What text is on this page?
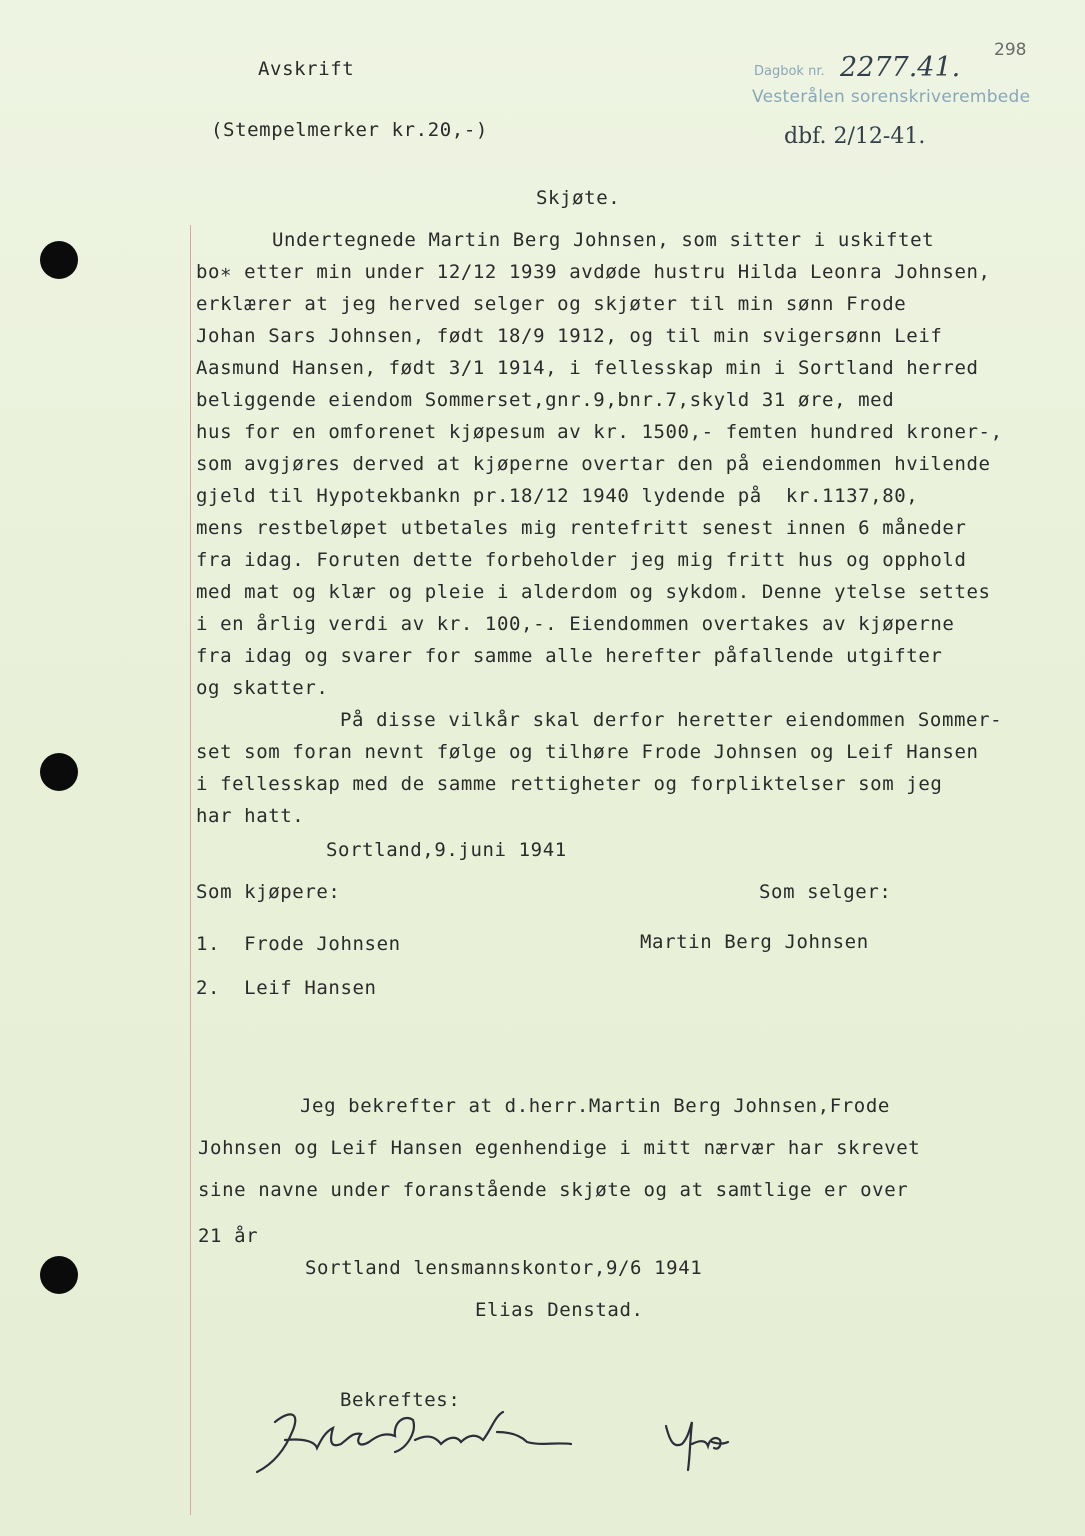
298
Avskrift
(Stempelmerker kr.20,-)
Dagbok nr. 2277.41.
Vesterålen sorenskriverembede
dbf. 2/12-41.
Skjøte.
Undertegnede Martin Berg Johnsen, som sitter i uskiftet
bo∗ etter min under 12/12 1939 avdøde hustru Hilda Leonra Johnsen,
erklærer at jeg herved selger og skjøter til min sønn Frode
Johan Sars Johnsen, født 18/9 1912, og til min svigersønn Leif
Aasmund Hansen, født 3/1 1914, i fellesskap min i Sortland herred
beliggende eiendom Sommerset,gnr.9,bnr.7,skyld 31 øre, med
hus for en omforenet kjøpesum av kr. 1500,- femten hundred kroner-,
som avgjøres derved at kjøperne overtar den på eiendommen hvilende
gjeld til Hypotekbankn pr.18/12 1940 lydende på  kr.1137,80,
mens restbeløpet utbetales mig rentefritt senest innen 6 måneder
fra idag. Foruten dette forbeholder jeg mig fritt hus og opphold
med mat og klær og pleie i alderdom og sykdom. Denne ytelse settes
i en årlig verdi av kr. 100,-. Eiendommen overtakes av kjøperne
fra idag og svarer for samme alle herefter påfallende utgifter
og skatter.
På disse vilkår skal derfor heretter eiendommen Sommer-
set som foran nevnt følge og tilhøre Frode Johnsen og Leif Hansen
i fellesskap med de samme rettigheter og forpliktelser som jeg
har hatt.
Sortland,9.juni 1941
Som kjøpere:	Som selger:
1.  Frode Johnsen	Martin Berg Johnsen
2.  Leif Hansen
Jeg bekrefter at d.herr.Martin Berg Johnsen,Frode
Johnsen og Leif Hansen egenhendige i mitt nærvær har skrevet
sine navne under foranstående skjøte og at samtlige er over
21 år
Sortland lensmannskontor,9/6 1941
Elias Denstad.
Bekreftes:
